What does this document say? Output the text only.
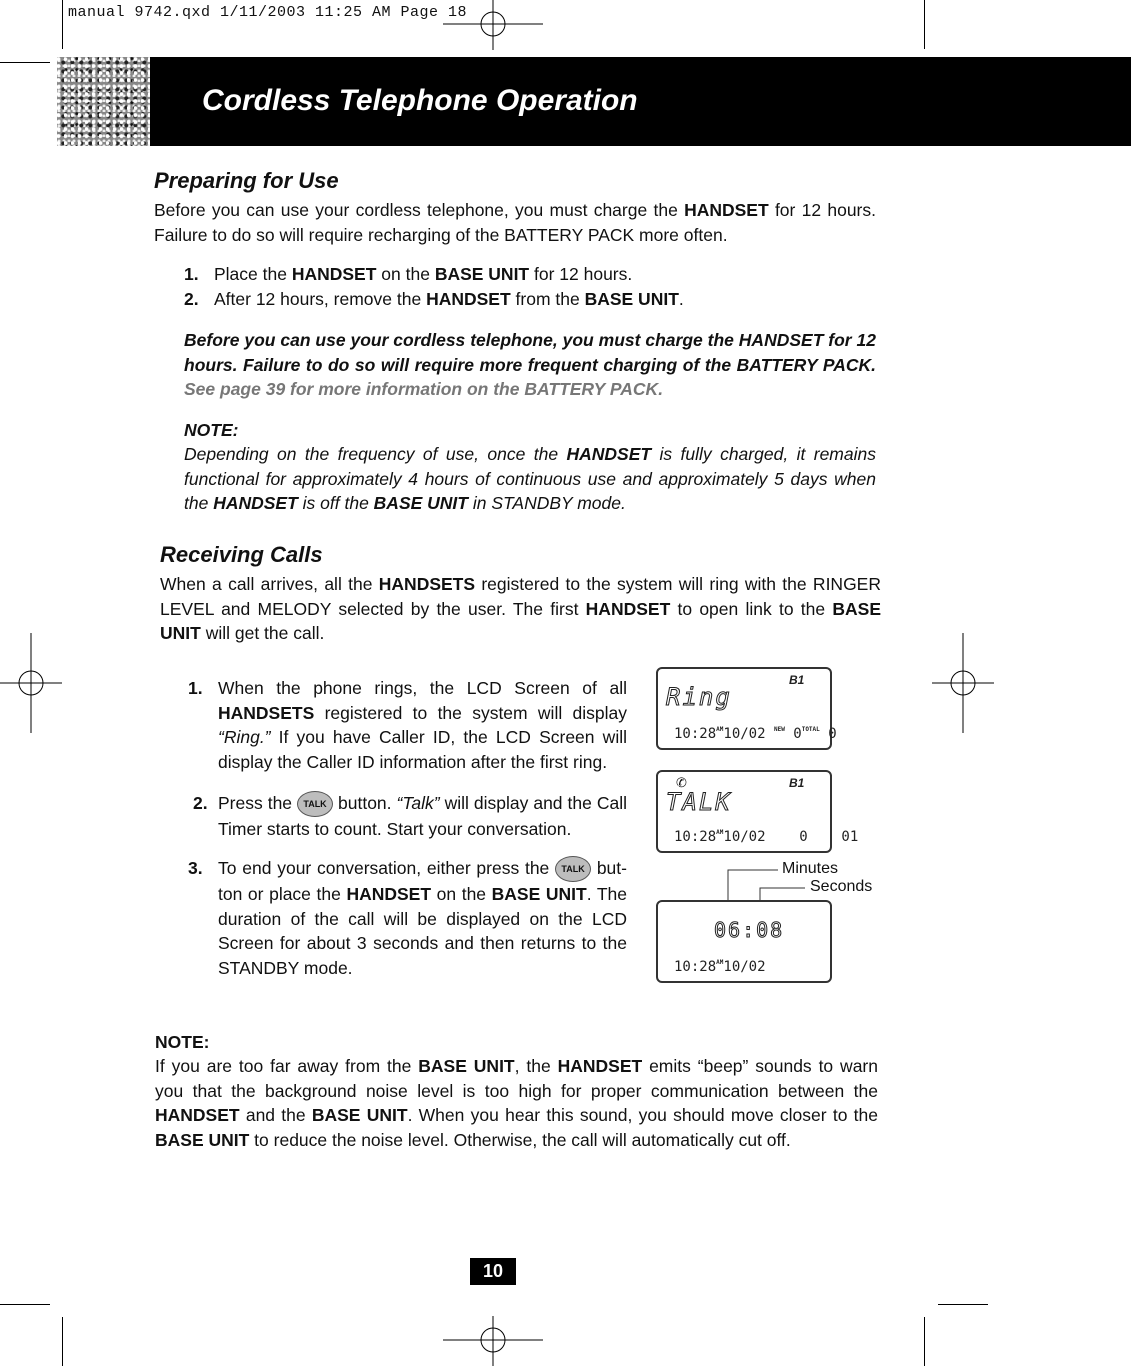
manual 9742.qxd 1/11/2003 11:25 AM Page 18
Cordless Telephone Operation
Preparing for Use
Before you can use your cordless telephone, you must charge the HANDSET for 12 hours. Failure to do so will require recharging of the BATTERY PACK more often.
1. Place the HANDSET on the BASE UNIT for 12 hours.
2. After 12 hours, remove the HANDSET from the BASE UNIT.
Before you can use your cordless telephone, you must charge the HANDSET for 12 hours. Failure to do so will require more frequent charging of the BATTERY PACK. See page 39 for more information on the BATTERY PACK.
NOTE:
Depending on the frequency of use, once the HANDSET is fully charged, it remains functional for approximately 4 hours of continuous use and approximately 5 days when the HANDSET is off the BASE UNIT in STANDBY mode.
Receiving Calls
When a call arrives, all the HANDSETS registered to the system will ring with the RINGER LEVEL and MELODY selected by the user. The first HANDSET to open link to the BASE UNIT will get the call.
1. When the phone rings, the LCD Screen of all HANDSETS registered to the system will display “Ring.” If you have Caller ID, the LCD Screen will display the Caller ID information after the first ring.
2. Press the TALK button. “Talk” will display and the Call Timer starts to count. Start your conversation.
3. To end your conversation, either press the TALK but-ton or place the HANDSET on the BASE UNIT. The duration of the call will be displayed on the LCD Screen for about 3 seconds and then returns to the STANDBY mode.
B1
Ring
$10:28^{AM}10/02$ $^{NEW}$ $0^{TOTAL}$ 0
✆	B1
TALK
$10:28^{AM}10/02$ 0 01
Minutes
Seconds
06:08
$10:28^{AM}10/02$
NOTE:
If you are too far away from the BASE UNIT, the HANDSET emits “beep” sounds to warn you that the background noise level is too high for proper communication between the HANDSET and the BASE UNIT. When you hear this sound, you should move closer to the BASE UNIT to reduce the noise level. Otherwise, the call will automatically cut off.
10
